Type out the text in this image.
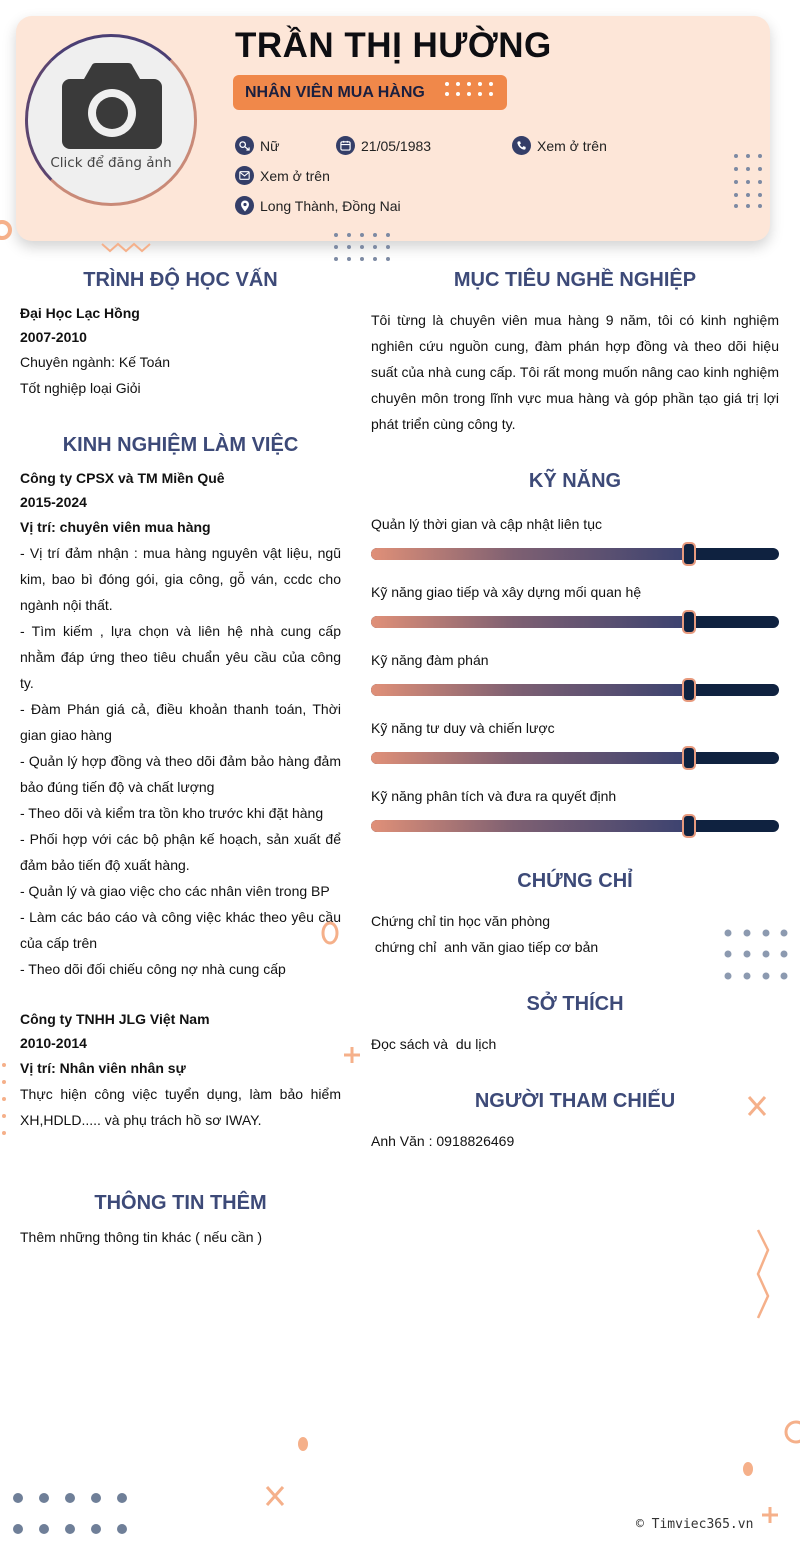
Click để đăng ảnh
TRẦN THỊ HƯỜNG
NHÂN VIÊN MUA HÀNG
Nữ	21/05/1983	Xem ở trên
Xem ở trên
Long Thành, Đồng Nai
TRÌNH ĐỘ HỌC VẤN
Đại Học Lạc Hồng
2007-2010
Chuyên ngành: Kế Toán
Tốt nghiệp loại Giỏi
KINH NGHIỆM LÀM VIỆC
Công ty CPSX và TM Miền Quê
2015-2024
Vị trí: chuyên viên mua hàng
- Vị trí đảm nhận : mua hàng nguyên vật liệu, ngũ kim, bao bì đóng gói, gia công, gỗ ván, ccdc cho ngành nội thất.
- Tìm kiếm , lựa chọn và liên hệ nhà cung cấp nhằm đáp ứng theo tiêu chuẩn yêu cầu của công ty.
- Đàm Phán giá cả, điều khoản thanh toán, Thời gian giao hàng
- Quản lý hợp đồng và theo dõi đảm bảo hàng đảm bảo đúng tiến độ và chất lượng
- Theo dõi và kiểm tra tồn kho trước khi đặt hàng
- Phối hợp với các bộ phận kế hoạch, sản xuất để đảm bảo tiến độ xuất hàng.
- Quản lý và giao việc cho các nhân viên trong BP
- Làm các báo cáo và công việc khác theo yêu cầu của cấp trên
- Theo dõi đối chiếu công nợ nhà cung cấp
Công ty TNHH JLG Việt Nam
2010-2014
Vị trí: Nhân viên nhân sự
Thực hiện công việc tuyển dụng, làm bảo hiểm XH,HDLD..... và phụ trách hồ sơ IWAY.
THÔNG TIN THÊM
Thêm những thông tin khác ( nếu cần )
MỤC TIÊU NGHỀ NGHIỆP
Tôi từng là chuyên viên mua hàng 9 năm, tôi có kinh nghiệm nghiên cứu nguồn cung, đàm phán hợp đồng và theo dõi hiệu suất của nhà cung cấp. Tôi rất mong muốn nâng cao kinh nghiệm chuyên môn trong lĩnh vực mua hàng và góp phần tạo giá trị lợi phát triển cùng công ty.
KỸ NĂNG
Quản lý thời gian và cập nhật liên tục
Kỹ năng giao tiếp và xây dựng mối quan hệ
Kỹ năng đàm phán
Kỹ năng tư duy và chiến lược
Kỹ năng phân tích và đưa ra quyết định
CHỨNG CHỈ
Chứng chỉ tin học văn phòng
chứng chỉ  anh văn giao tiếp cơ bản
SỞ THÍCH
Đọc sách và  du lịch
NGƯỜI THAM CHIẾU
Anh Văn : 0918826469
© Timviec365.vn
